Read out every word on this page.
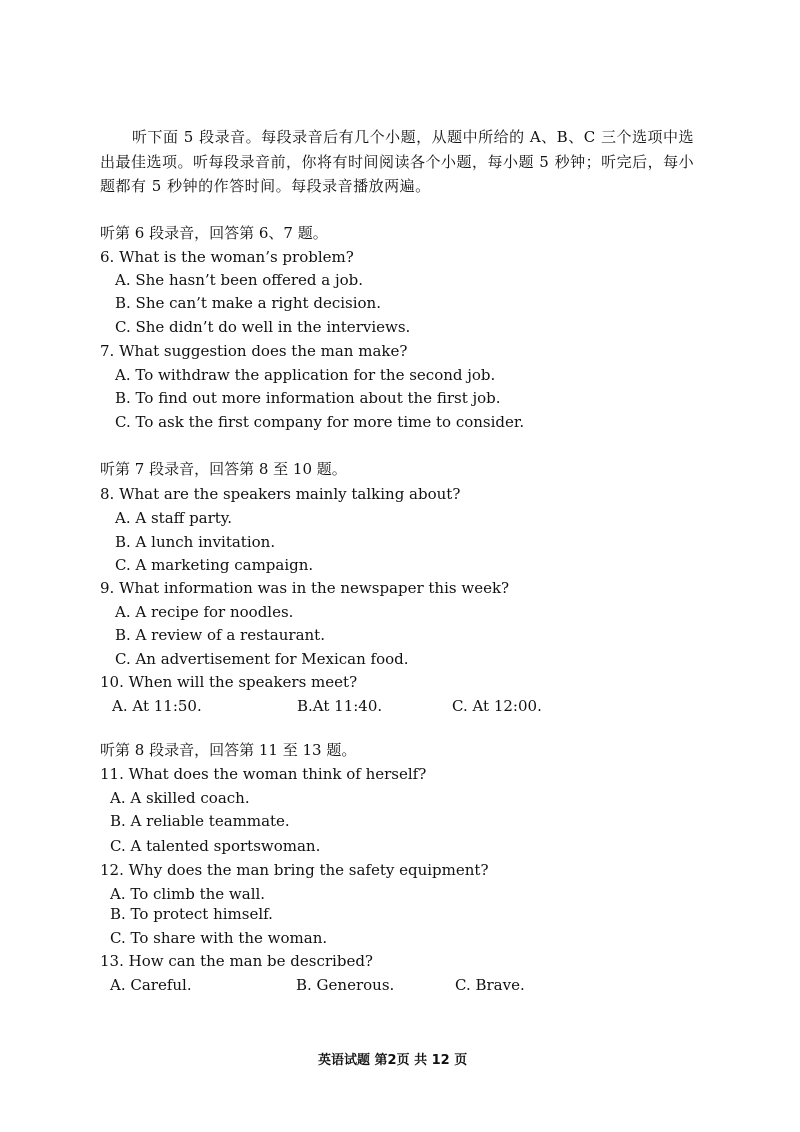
听下面 5 段录音。每段录音后有几个小题，从题中所给的 A、B、C 三个选项中选
出最佳选项。听每段录音前，你将有时间阅读各个小题，每小题 5 秒钟；听完后，每小
题都有 5 秒钟的作答时间。每段录音播放两遍。
听第 6 段录音，回答第 6、7 题。
6. What is the woman’s problem?
A. She hasn’t been offered a job.
B. She can’t make a right decision.
C. She didn’t do well in the interviews.
7. What suggestion does the man make?
A. To withdraw the application for the second job.
B. To find out more information about the first job.
C. To ask the first company for more time to consider.
听第 7 段录音，回答第 8 至 10 题。
8. What are the speakers mainly talking about?
A. A staff party.
B. A lunch invitation.
C. A marketing campaign.
9. What information was in the newspaper this week?
A. A recipe for noodles.
B. A review of a restaurant.
C. An advertisement for Mexican food.
10. When will the speakers meet?
A. At 11:50.	B.At 11:40.	C. At 12:00.
听第 8 段录音，回答第 11 至 13 题。
11. What does the woman think of herself?
A. A skilled coach.
B. A reliable teammate.
C. A talented sportswoman.
12. Why does the man bring the safety equipment?
A. To climb the wall.
B. To protect himself.
C. To share with the woman.
13. How can the man be described?
A. Careful.	B. Generous.	C. Brave.
英语试题 第2页 共 12 页
